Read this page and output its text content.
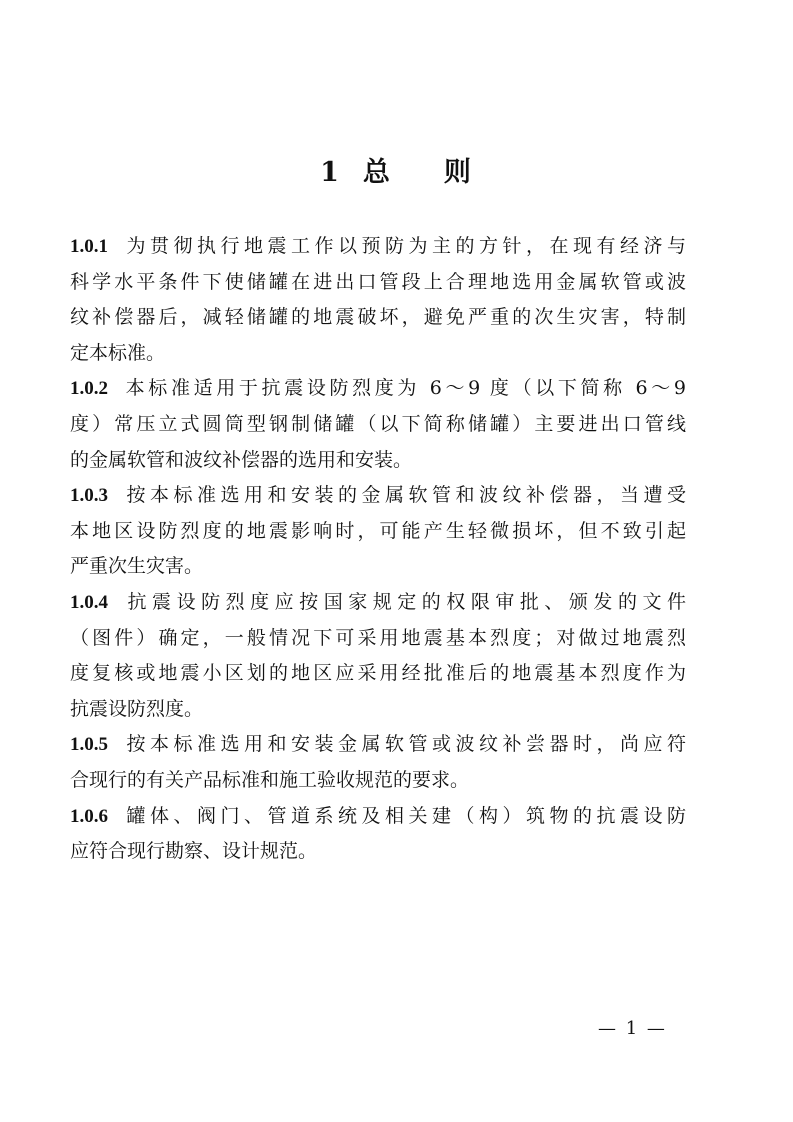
1 总 则
1.0.1 为贯彻执行地震工作以预防为主的方针，在现有经济与
科学水平条件下使储罐在进出口管段上合理地选用金属软管或波
纹补偿器后，减轻储罐的地震破坏，避免严重的次生灾害，特制
定本标准。
1.0.2 本标准适用于抗震设防烈度为 6～9 度（以下简称 6～9
度）常压立式圆筒型钢制储罐（以下简称储罐）主要进出口管线
的金属软管和波纹补偿器的选用和安装。
1.0.3 按本标准选用和安装的金属软管和波纹补偿器，当遭受
本地区设防烈度的地震影响时，可能产生轻微损坏，但不致引起
严重次生灾害。
1.0.4 抗震设防烈度应按国家规定的权限审批、颁发的文件
（图件）确定，一般情况下可采用地震基本烈度；对做过地震烈
度复核或地震小区划的地区应采用经批准后的地震基本烈度作为
抗震设防烈度。
1.0.5 按本标准选用和安装金属软管或波纹补尝器时，尚应符
合现行的有关产品标准和施工验收规范的要求。
1.0.6 罐体、阀门、管道系统及相关建（构）筑物的抗震设防
应符合现行勘察、设计规范。
— 1 —
